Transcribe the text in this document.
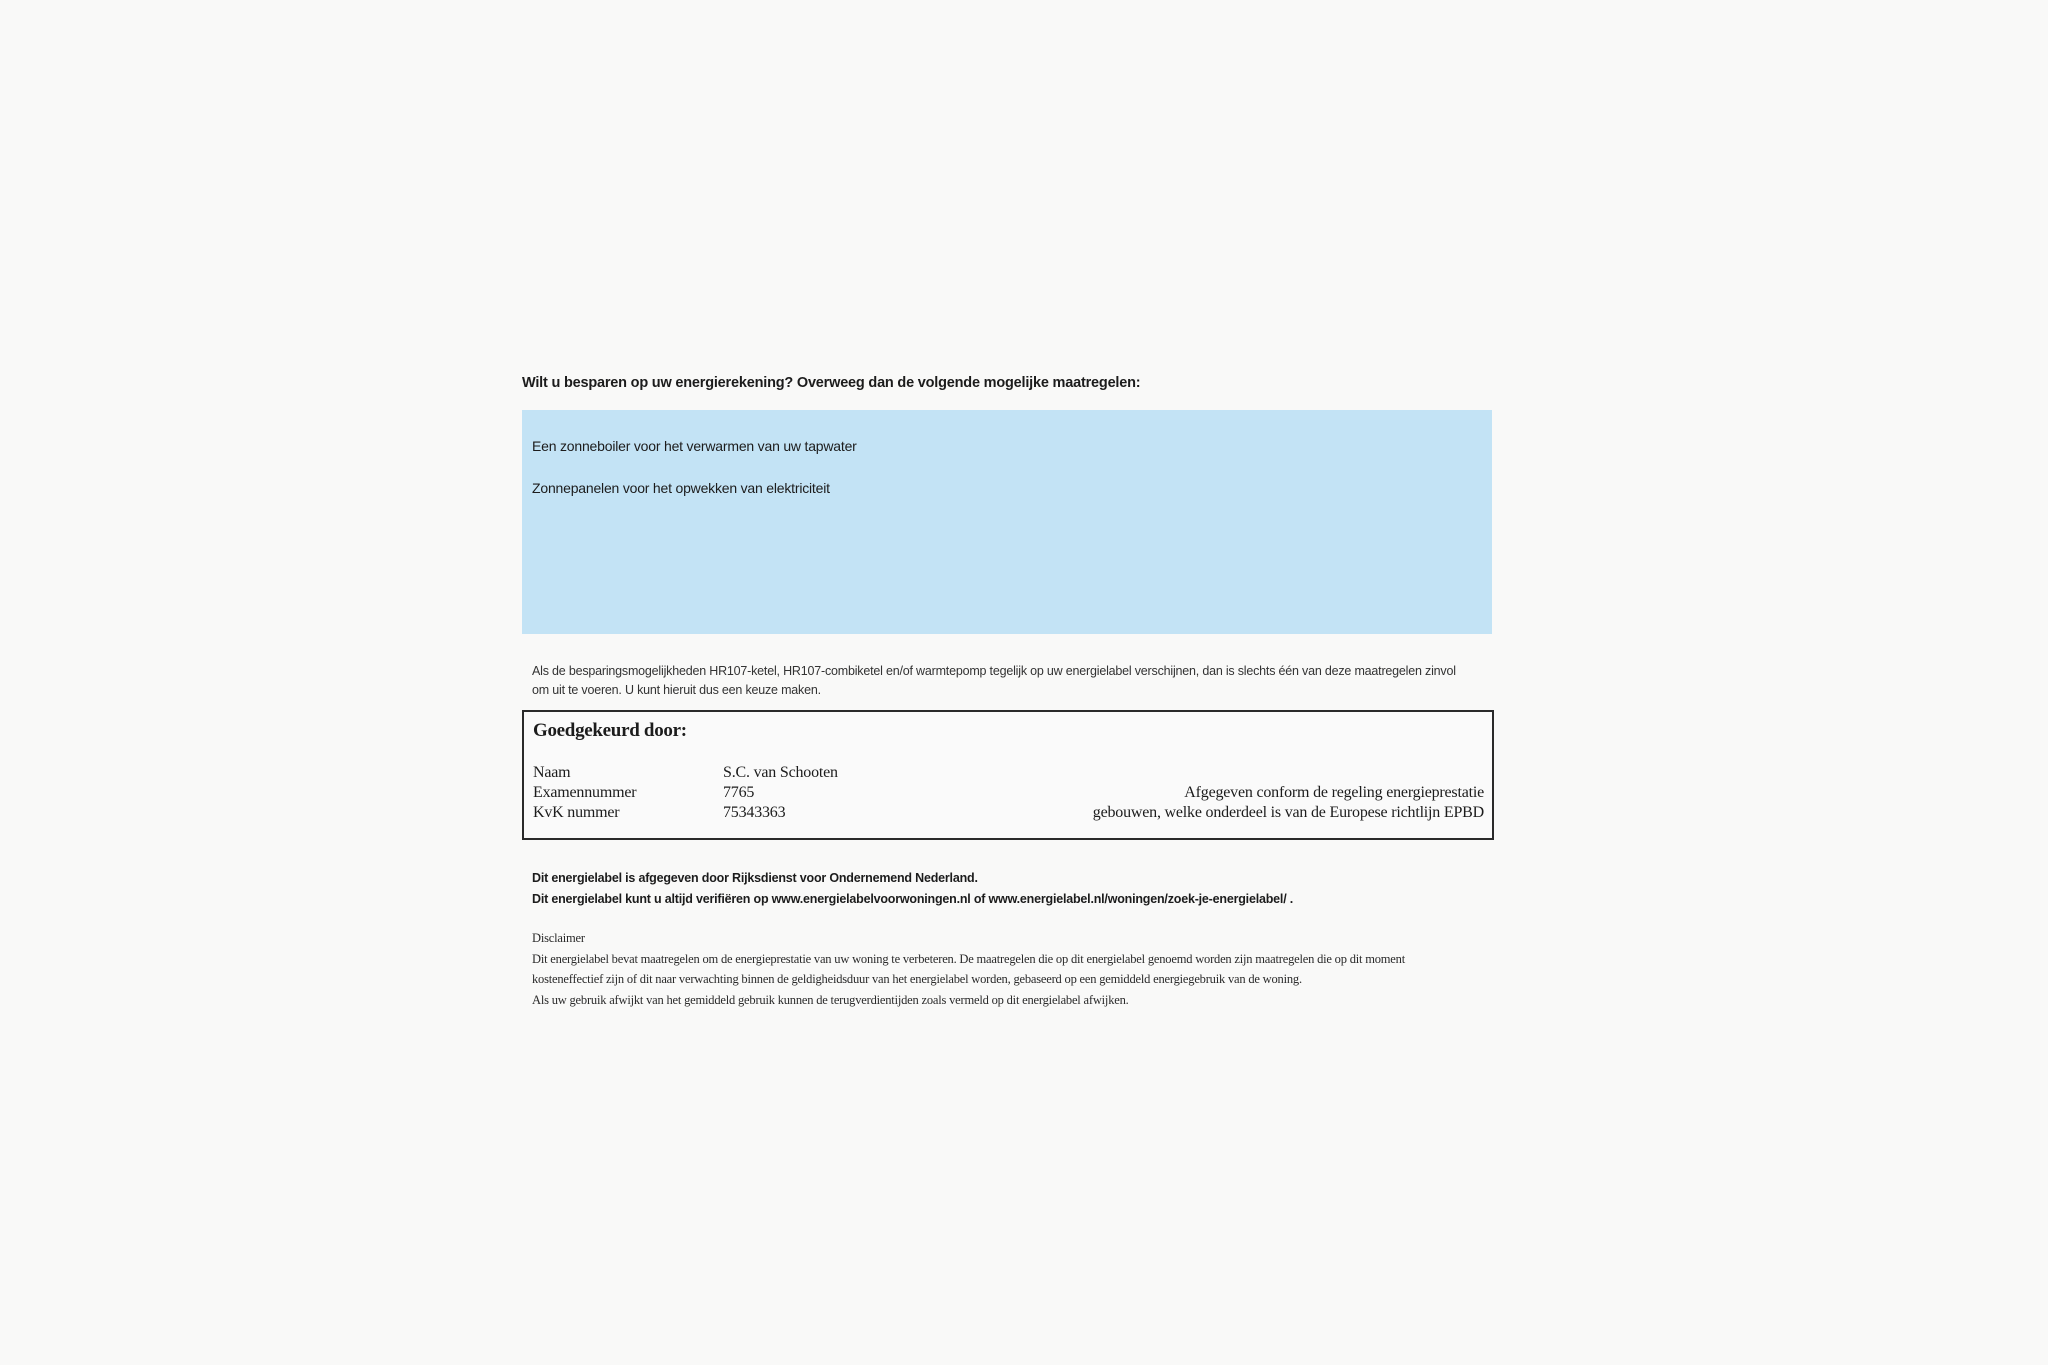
Wilt u besparen op uw energierekening? Overweeg dan de volgende mogelijke maatregelen:

Een zonneboiler voor het verwarmen van uw tapwater
Zonnepanelen voor het opwekken van elektriciteit
Als de besparingsmogelijkheden HR107-ketel, HR107-combiketel en/of warmtepomp tegelijk op uw energielabel verschijnen, dan is slechts één van deze maatregelen zinvol om uit te voeren. U kunt hieruit dus een keuze maken.
Goedgekeurd door:
Naam	S.C. van Schooten
Examennummer	7765
KvK nummer	75343363
Afgegeven conform de regeling energieprestatie
gebouwen, welke onderdeel is van de Europese richtlijn EPBD
Dit energielabel is afgegeven door Rijksdienst voor Ondernemend Nederland.
Dit energielabel kunt u altijd verifiëren op www.energielabelvoorwoningen.nl of www.energielabel.nl/woningen/zoek-je-energielabel/ .
Disclaimer
Dit energielabel bevat maatregelen om de energieprestatie van uw woning te verbeteren. De maatregelen die op dit energielabel genoemd worden zijn maatregelen die op dit moment
kosteneffectief zijn of dit naar verwachting binnen de geldigheidsduur van het energielabel worden, gebaseerd op een gemiddeld energiegebruik van de woning.
Als uw gebruik afwijkt van het gemiddeld gebruik kunnen de terugverdientijden zoals vermeld op dit energielabel afwijken.
